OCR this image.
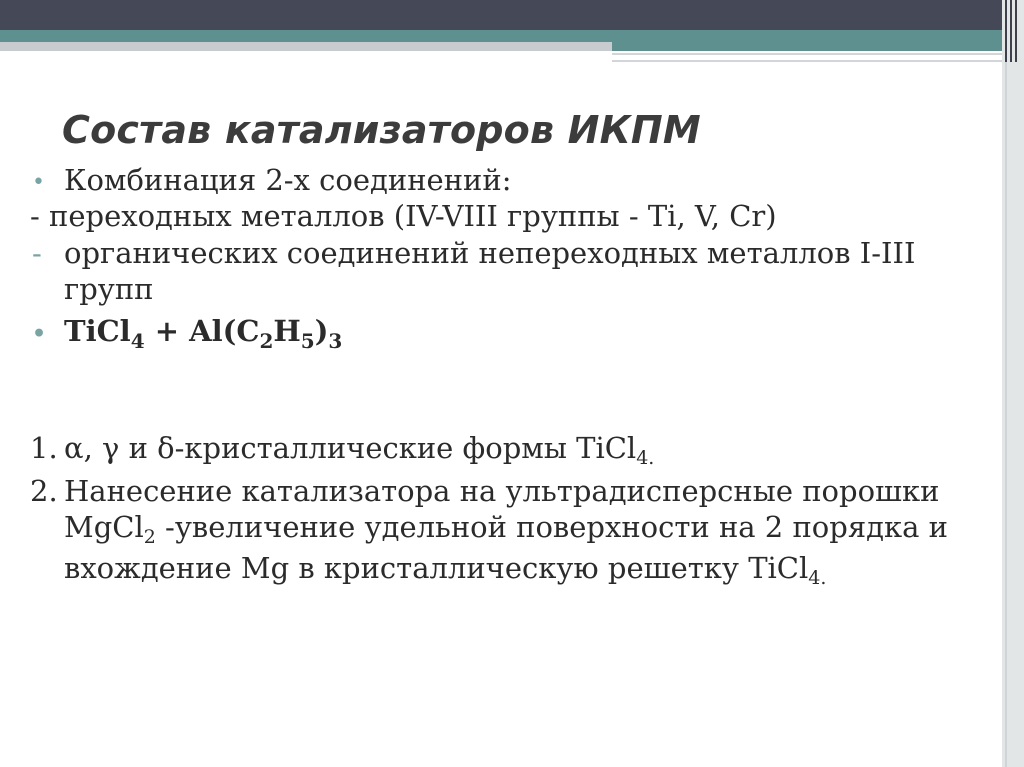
Состав катализаторов ИКПМ
• Комбинация 2-х соединений:
- переходных металлов (IV-VIII группы - Ti, V, Cr)
- органических соединений непереходных металлов I-III групп
• TiCl$_4$ + $Al(C_2H_5)_3$
1. α, γ и δ-кристаллические формы TiCl$_{4.}$
2. Нанесение катализатора на ультрадисперсные порошки MgCl$_2$ -увеличение удельной поверхности на 2 порядка и вхождение Mg в кристаллическую решетку TiCl$_{4.}$
